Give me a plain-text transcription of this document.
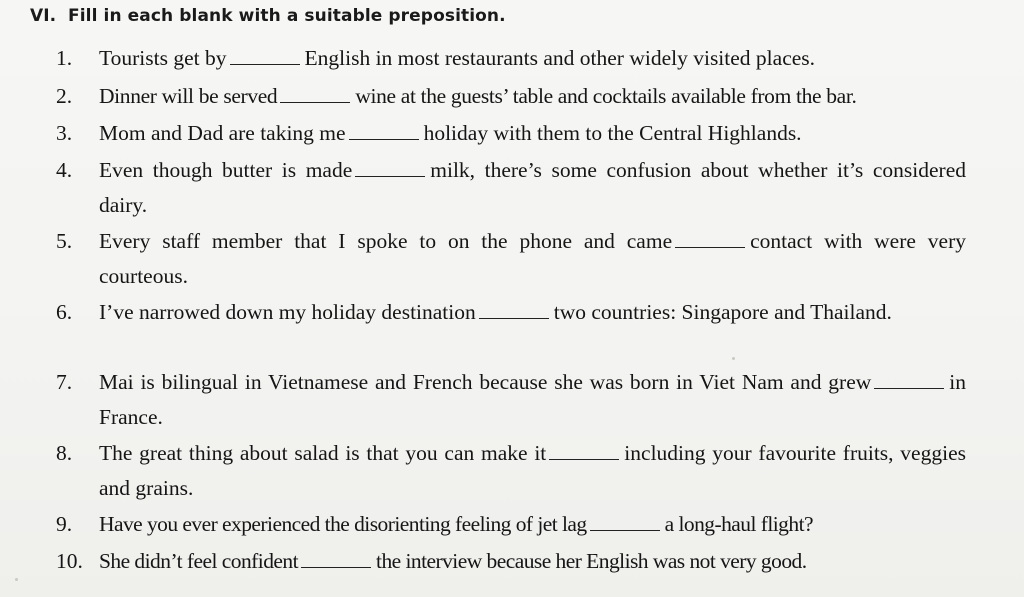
VI. Fill in each blank with a suitable preposition.
1. Tourists get by	English in most restaurants and other widely visited places.
2. Dinner will be served	wine at the guests’ table and cocktails available from the bar.
3. Mom and Dad are taking me	holiday with them to the Central Highlands.
4. Even though butter is made	milk, there’s some confusion about whether it’s considered dairy.
5. Every staff member that I spoke to on the phone and came	contact with were very courteous.
6. I’ve narrowed down my holiday destination	two countries: Singapore and Thailand.
7. Mai is bilingual in Vietnamese and French because she was born in Viet Nam and grew	in France.
8. The great thing about salad is that you can make it	including your favourite fruits, veggies and grains.
9. Have you ever experienced the disorienting feeling of jet lag	a long-haul flight?
10. She didn’t feel confident	the interview because her English was not very good.
